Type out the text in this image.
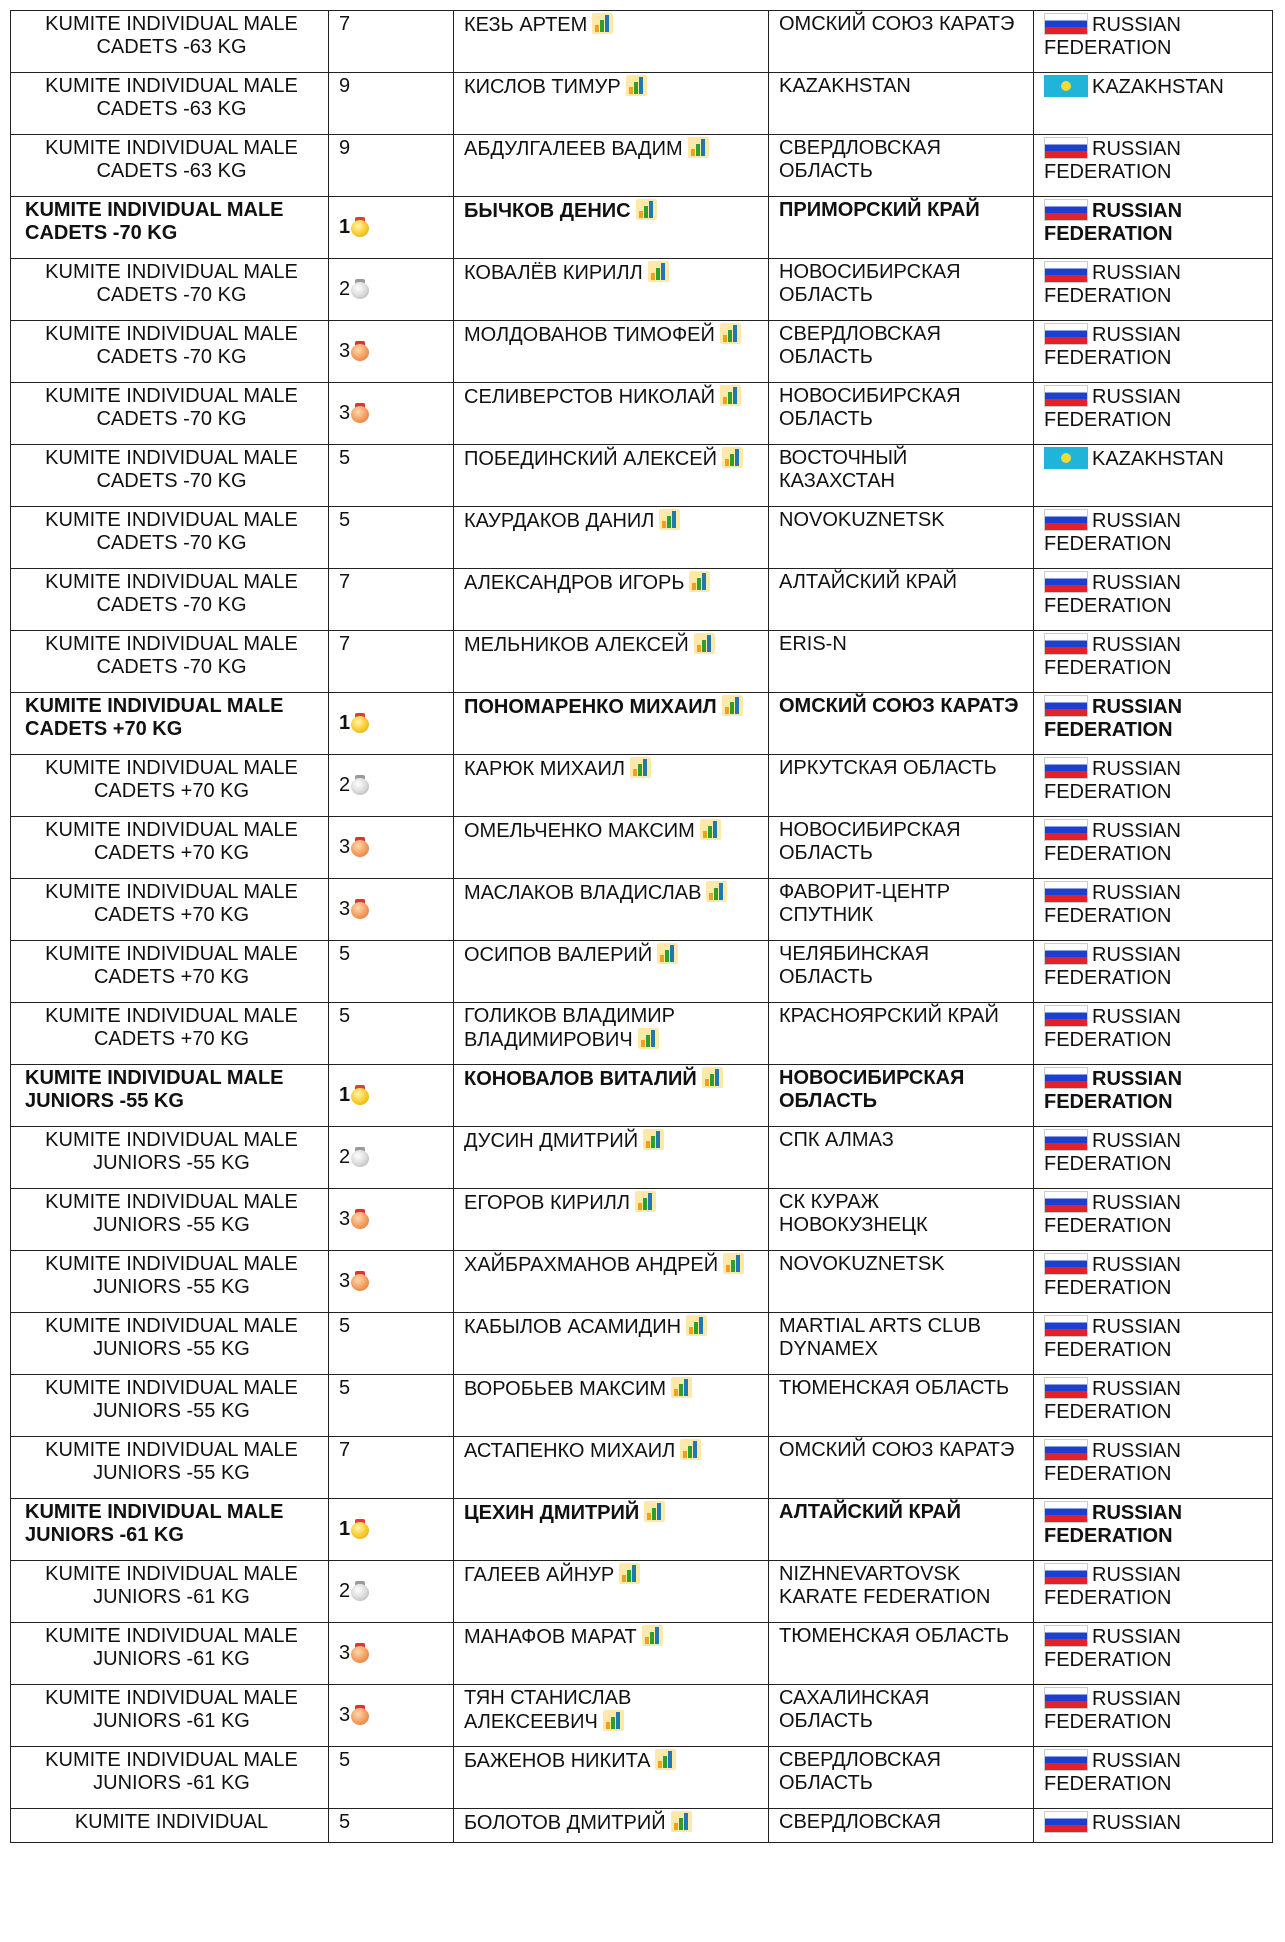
KUMITE INDIVIDUAL MALE CADETS -63 KG	7	КЕЗЬ АРТЕМ	ОМСКИЙ СОЮЗ КАРАТЭ	RUSSIAN FEDERATION
KUMITE INDIVIDUAL MALE CADETS -63 KG	9	КИСЛОВ ТИМУР	KAZAKHSTAN	KAZAKHSTAN
KUMITE INDIVIDUAL MALE CADETS -63 KG	9	АБДУЛГАЛЕЕВ ВАДИМ	СВЕРДЛОВСКАЯ ОБЛАСТЬ	RUSSIAN FEDERATION
KUMITE INDIVIDUAL MALE CADETS -70 KG	1	БЫЧКОВ ДЕНИС	ПРИМОРСКИЙ КРАЙ	RUSSIAN FEDERATION
KUMITE INDIVIDUAL MALE CADETS -70 KG	2	КОВАЛЁВ КИРИЛЛ	НОВОСИБИРСКАЯ ОБЛАСТЬ	RUSSIAN FEDERATION
KUMITE INDIVIDUAL MALE CADETS -70 KG	3	МОЛДОВАНОВ ТИМОФЕЙ	СВЕРДЛОВСКАЯ ОБЛАСТЬ	RUSSIAN FEDERATION
KUMITE INDIVIDUAL MALE CADETS -70 KG	3	СЕЛИВЕРСТОВ НИКОЛАЙ	НОВОСИБИРСКАЯ ОБЛАСТЬ	RUSSIAN FEDERATION
KUMITE INDIVIDUAL MALE CADETS -70 KG	5	ПОБЕДИНСКИЙ АЛЕКСЕЙ	ВОСТОЧНЫЙ КАЗАХСТАН	KAZAKHSTAN
KUMITE INDIVIDUAL MALE CADETS -70 KG	5	КАУРДАКОВ ДАНИЛ	NOVOKUZNETSK	RUSSIAN FEDERATION
KUMITE INDIVIDUAL MALE CADETS -70 KG	7	АЛЕКСАНДРОВ ИГОРЬ	АЛТАЙСКИЙ КРАЙ	RUSSIAN FEDERATION
KUMITE INDIVIDUAL MALE CADETS -70 KG	7	МЕЛЬНИКОВ АЛЕКСЕЙ	ERIS-N	RUSSIAN FEDERATION
KUMITE INDIVIDUAL MALE CADETS +70 KG	1	ПОНОМАРЕНКО МИХАИЛ	ОМСКИЙ СОЮЗ КАРАТЭ	RUSSIAN FEDERATION
KUMITE INDIVIDUAL MALE CADETS +70 KG	2	КАРЮК МИХАИЛ	ИРКУТСКАЯ ОБЛАСТЬ	RUSSIAN FEDERATION
KUMITE INDIVIDUAL MALE CADETS +70 KG	3	ОМЕЛЬЧЕНКО МАКСИМ	НОВОСИБИРСКАЯ ОБЛАСТЬ	RUSSIAN FEDERATION
KUMITE INDIVIDUAL MALE CADETS +70 KG	3	МАСЛАКОВ ВЛАДИСЛАВ	ФАВОРИТ-ЦЕНТР СПУТНИК	RUSSIAN FEDERATION
KUMITE INDIVIDUAL MALE CADETS +70 KG	5	ОСИПОВ ВАЛЕРИЙ	ЧЕЛЯБИНСКАЯ ОБЛАСТЬ	RUSSIAN FEDERATION
KUMITE INDIVIDUAL MALE CADETS +70 KG	5	ГОЛИКОВ ВЛАДИМИР ВЛАДИМИРОВИЧ	КРАСНОЯРСКИЙ КРАЙ	RUSSIAN FEDERATION
KUMITE INDIVIDUAL MALE JUNIORS -55 KG	1	КОНОВАЛОВ ВИТАЛИЙ	НОВОСИБИРСКАЯ ОБЛАСТЬ	RUSSIAN FEDERATION
KUMITE INDIVIDUAL MALE JUNIORS -55 KG	2	ДУСИН ДМИТРИЙ	СПК АЛМАЗ	RUSSIAN FEDERATION
KUMITE INDIVIDUAL MALE JUNIORS -55 KG	3	ЕГОРОВ КИРИЛЛ	СК КУРАЖ НОВОКУЗНЕЦК	RUSSIAN FEDERATION
KUMITE INDIVIDUAL MALE JUNIORS -55 KG	3	ХАЙБРАХМАНОВ АНДРЕЙ	NOVOKUZNETSK	RUSSIAN FEDERATION
KUMITE INDIVIDUAL MALE JUNIORS -55 KG	5	КАБЫЛОВ АСАМИДИН	MARTIAL ARTS CLUB DYNAMEX	RUSSIAN FEDERATION
KUMITE INDIVIDUAL MALE JUNIORS -55 KG	5	ВОРОБЬЕВ МАКСИМ	ТЮМЕНСКАЯ ОБЛАСТЬ	RUSSIAN FEDERATION
KUMITE INDIVIDUAL MALE JUNIORS -55 KG	7	АСТАПЕНКО МИХАИЛ	ОМСКИЙ СОЮЗ КАРАТЭ	RUSSIAN FEDERATION
KUMITE INDIVIDUAL MALE JUNIORS -61 KG	1	ЦЕХИН ДМИТРИЙ	АЛТАЙСКИЙ КРАЙ	RUSSIAN FEDERATION
KUMITE INDIVIDUAL MALE JUNIORS -61 KG	2	ГАЛЕЕВ АЙНУР	NIZHNEVARTOVSK KARATE FEDERATION	RUSSIAN FEDERATION
KUMITE INDIVIDUAL MALE JUNIORS -61 KG	3	МАНАФОВ МАРАТ	ТЮМЕНСКАЯ ОБЛАСТЬ	RUSSIAN FEDERATION
KUMITE INDIVIDUAL MALE JUNIORS -61 KG	3	ТЯН СТАНИСЛАВ АЛЕКСЕЕВИЧ	САХАЛИНСКАЯ ОБЛАСТЬ	RUSSIAN FEDERATION
KUMITE INDIVIDUAL MALE JUNIORS -61 KG	5	БАЖЕНОВ НИКИТА	СВЕРДЛОВСКАЯ ОБЛАСТЬ	RUSSIAN FEDERATION
KUMITE INDIVIDUAL	5	БОЛОТОВ ДМИТРИЙ	СВЕРДЛОВСКАЯ	RUSSIAN
